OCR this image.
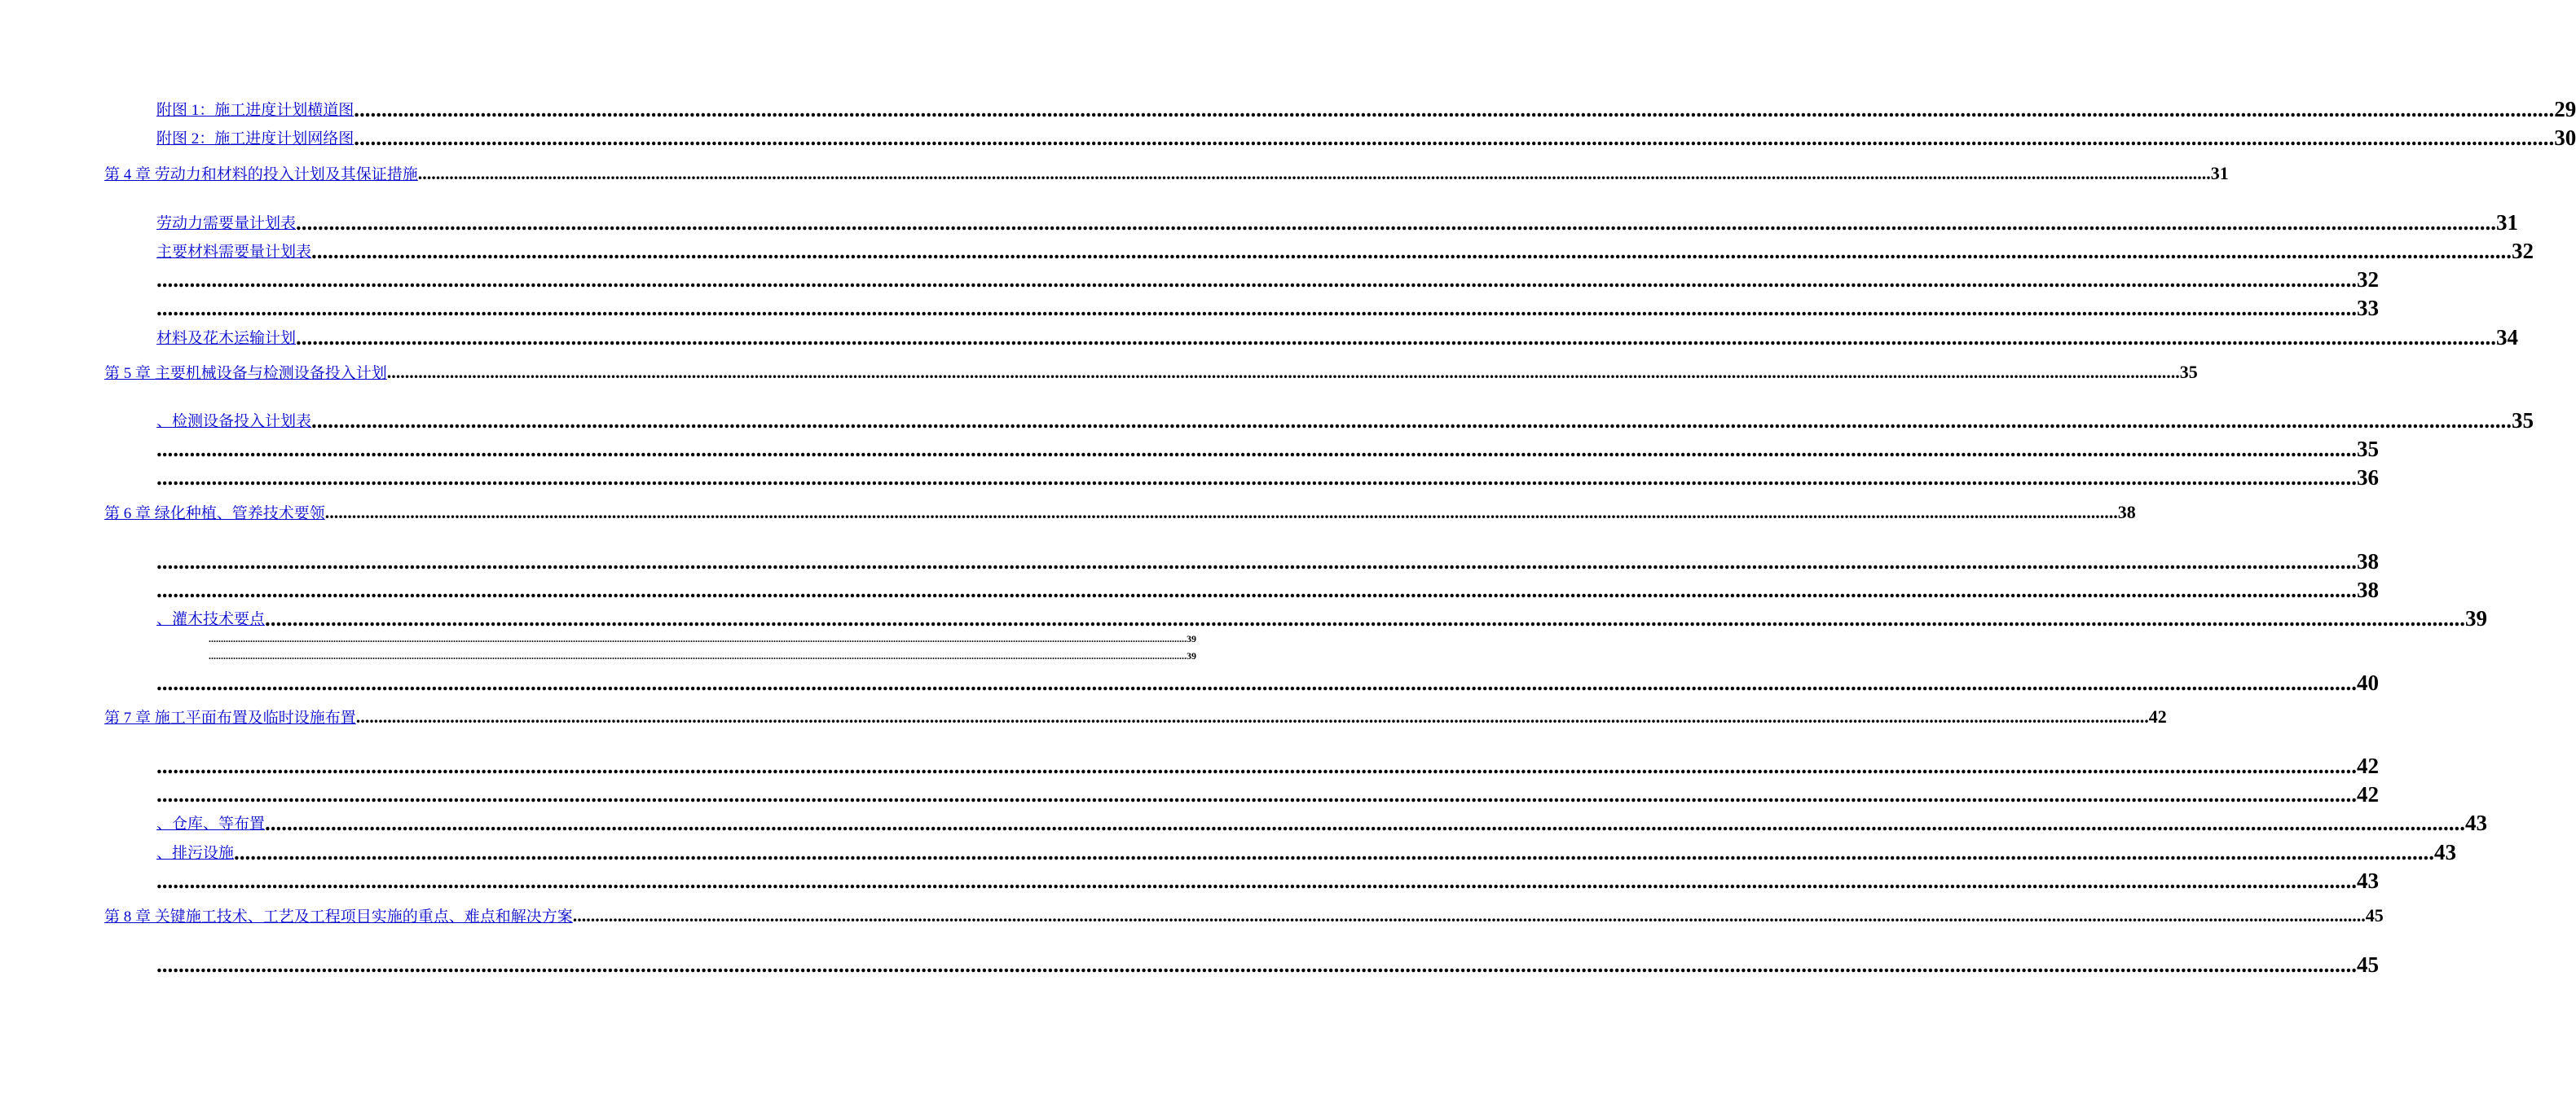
附图 1：施工进度计划横道图 ................................................................................................................................................................................................................................................................................................................................................................................................................ 29
附图 2：施工进度计划网络图 ................................................................................................................................................................................................................................................................................................................................................................................................................ 30
第 4 章 劳动力和材料的投入计划及其保证措施 ................................................................................................................................................................................................................................................................................................................................................................................................................ 31
劳动力需要量计划表 ................................................................................................................................................................................................................................................................................................................................................................................................................ 31
主要材料需要量计划表 ................................................................................................................................................................................................................................................................................................................................................................................................................ 32
................................................................................................................................................................................................................................................................................................................................................................................................................ 32
................................................................................................................................................................................................................................................................................................................................................................................................................ 33
材料及花木运输计划 ................................................................................................................................................................................................................................................................................................................................................................................................................ 34
第 5 章 主要机械设备与检测设备投入计划 ................................................................................................................................................................................................................................................................................................................................................................................................................ 35
、检测设备投入计划表 ................................................................................................................................................................................................................................................................................................................................................................................................................ 35
................................................................................................................................................................................................................................................................................................................................................................................................................ 35
................................................................................................................................................................................................................................................................................................................................................................................................................ 36
第 6 章 绿化种植、管养技术要领 ................................................................................................................................................................................................................................................................................................................................................................................................................ 38
................................................................................................................................................................................................................................................................................................................................................................................................................ 38
................................................................................................................................................................................................................................................................................................................................................................................................................ 38
、灌木技术要点 ................................................................................................................................................................................................................................................................................................................................................................................................................ 39
................................................................................................................................................................................................................................................................................................................................................................................................................ 39
................................................................................................................................................................................................................................................................................................................................................................................................................ 39
................................................................................................................................................................................................................................................................................................................................................................................................................ 40
第 7 章 施工平面布置及临时设施布置 ................................................................................................................................................................................................................................................................................................................................................................................................................ 42
................................................................................................................................................................................................................................................................................................................................................................................................................ 42
................................................................................................................................................................................................................................................................................................................................................................................................................ 42
、仓库、等布置 ................................................................................................................................................................................................................................................................................................................................................................................................................ 43
、排污设施 ................................................................................................................................................................................................................................................................................................................................................................................................................ 43
................................................................................................................................................................................................................................................................................................................................................................................................................ 43
第 8 章 关键施工技术、工艺及工程项目实施的重点、难点和解决方案 ................................................................................................................................................................................................................................................................................................................................................................................................................ 45
................................................................................................................................................................................................................................................................................................................................................................................................................ 45
